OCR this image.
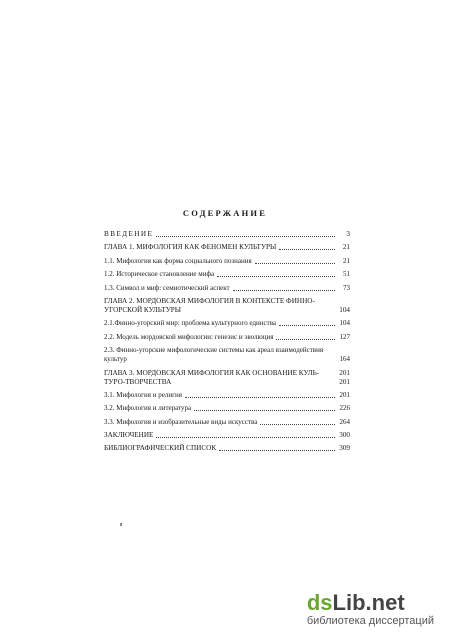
СОДЕРЖАНИЕ
ВВЕДЕНИЕ	3
ГЛАВА 1. МИФОЛОГИЯ КАК ФЕНОМЕН КУЛЬТУРЫ	21
1.1. Мифология как форма социального познания	21
1.2. Историческое становление мифа	51
1.3. Символ и миф: семиотический аспект	73
ГЛАВА 2. МОРДОВСКАЯ МИФОЛОГИЯ В КОНТЕКСТЕ ФИННО-
УГОРСКОЙ КУЛЬТУРЫ	104
2.1.Финно-угорский мир: проблема культурного единства	104
2.2. Модель мордовской мифологии: генезис и эволюция	127
2.3. Финно-угорские мифологические системы как ареал взаимодействия
культур	164
ГЛАВА 3. МОРДОВСКАЯ МИФОЛОГИЯ КАК ОСНОВАНИЕ КУЛЬ-	201
ТУРО-ТВОРЧЕСТВА	201
3.1. Мифология и религия	201
3.2. Мифология и литература	226
3.3. Мифология и изобразительные виды искусства	264
ЗАКЛЮЧЕНИЕ	300
БИБЛИОГРАФИЧЕСКИЙ СПИСОК	309
dsLib.net
библиотека диссертаций
